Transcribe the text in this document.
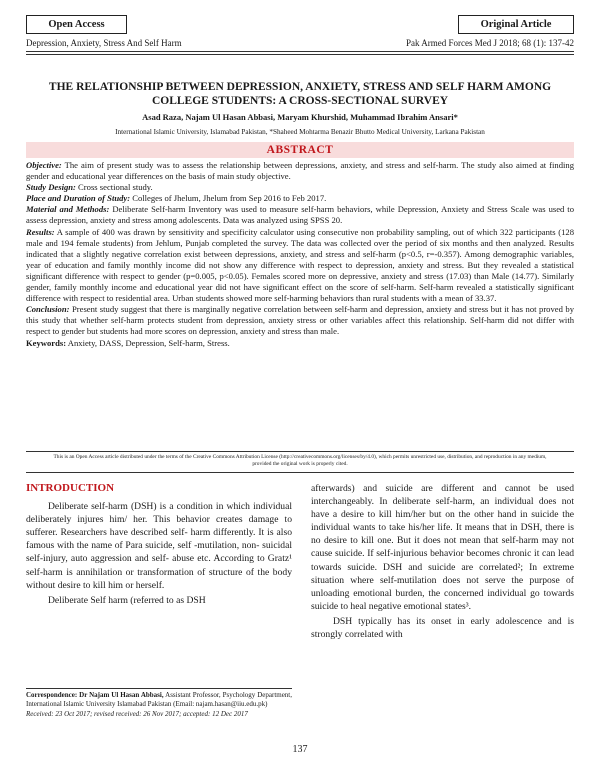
Open Access	Original Article
Depression, Anxiety, Stress And Self Harm	Pak Armed Forces Med J 2018; 68 (1): 137-42
THE RELATIONSHIP BETWEEN DEPRESSION, ANXIETY, STRESS AND SELF HARM AMONG COLLEGE STUDENTS: A CROSS-SECTIONAL SURVEY
Asad Raza, Najam Ul Hasan Abbasi, Maryam Khurshid, Muhammad Ibrahim Ansari*
International Islamic University, Islamabad Pakistan, *Shaheed Mohtarma Benazir Bhutto Medical University, Larkana Pakistan
ABSTRACT

Objective: The aim of present study was to assess the relationship between depressions, anxiety, and stress and self-harm. The study also aimed at finding gender and educational year differences on the basis of main study objective.

Study Design: Cross sectional study.

Place and Duration of Study: Colleges of Jhelum, Jhelum from Sep 2016 to Feb 2017.

Material and Methods: Deliberate Self-harm Inventory was used to measure self-harm behaviors, while Depression, Anxiety and Stress Scale was used to assess depression, anxiety and stress among adolescents. Data was analyzed using SPSS 20.

Results: A sample of 400 was drawn by sensitivity and specificity calculator using consecutive non probability sampling, out of which 322 participants (128 male and 194 female students) from Jehlum, Punjab completed the survey. The data was collected over the period of six months and then analyzed. Results indicated that a slightly negative correlation exist between depressions, anxiety, and stress and self-harm (p<0.5, r=-0.357). Among demographic variables, year of education and family monthly income did not show any difference with respect to depression, anxiety and stress. But they revealed a statistical significant difference with respect to gender (p=0.005, p<0.05). Females scored more on depressive, anxiety and stress (17.03) than Male (14.77). Similarly gender, family monthly income and educational year did not have significant effect on the score of self-harm. Self-harm revealed a statistically significant difference with respect to residential area. Urban students showed more self-harming behaviors than rural students with a mean of 33.37.

Conclusion: Present study suggest that there is marginally negative correlation between self-harm and depression, anxiety and stress but it has not proved by this study that whether self-harm protects student from depression, anxiety stress or other variables affect this relationship. Self-harm did not differ with respect to gender but students had more scores on depression, anxiety and stress than male.

Keywords: Anxiety, DASS, Depression, Self-harm, Stress.

This is an Open Access article distributed under the terms of the Creative Commons Attribution License (http://creativecommons.org/licenses/by/4.0), which permits unrestricted use, distribution, and reproduction in any medium, provided the original work is properly cited.
INTRODUCTION

Deliberate self-harm (DSH) is a condition in which individual deliberately injures him/ her. This behavior creates damage to sufferer. Researchers have described self- harm differently. It is also famous with the name of Para suicide, self -mutilation, non- suicidal self-injury, auto aggression and self- abuse etc. According to Gratz¹ self-harm is annihilation or transformation of structure of the body without desire to kill him or herself.

Deliberate Self harm (referred to as DSH

afterwards) and suicide are different and cannot be used interchangeably. In deliberate self-harm, an individual does not have a desire to kill him/her but on the other hand in suicide the individual wants to take his/her life. It means that in DSH, there is no desire to kill one. But it does not mean that self-harm may not cause suicide. If self-injurious behavior becomes chronic it can lead towards suicide. DSH and suicide are correlated²; In extreme situation where self-mutilation does not serve the purpose of unloading emotional burden, the concerned individual go towards suicide to heal negative emotional states³.

DSH typically has its onset in early adolescence and is strongly correlated with

Correspondence: Dr Najam Ul Hasan Abbasi, Assistant Professor, Psychology Department, International Islamic University Islamabad Pakistan (Email: najam.hasan@iiu.edu.pk)
Received: 23 Oct 2017; revised received: 26 Nov 2017; accepted: 12 Dec 2017
137
